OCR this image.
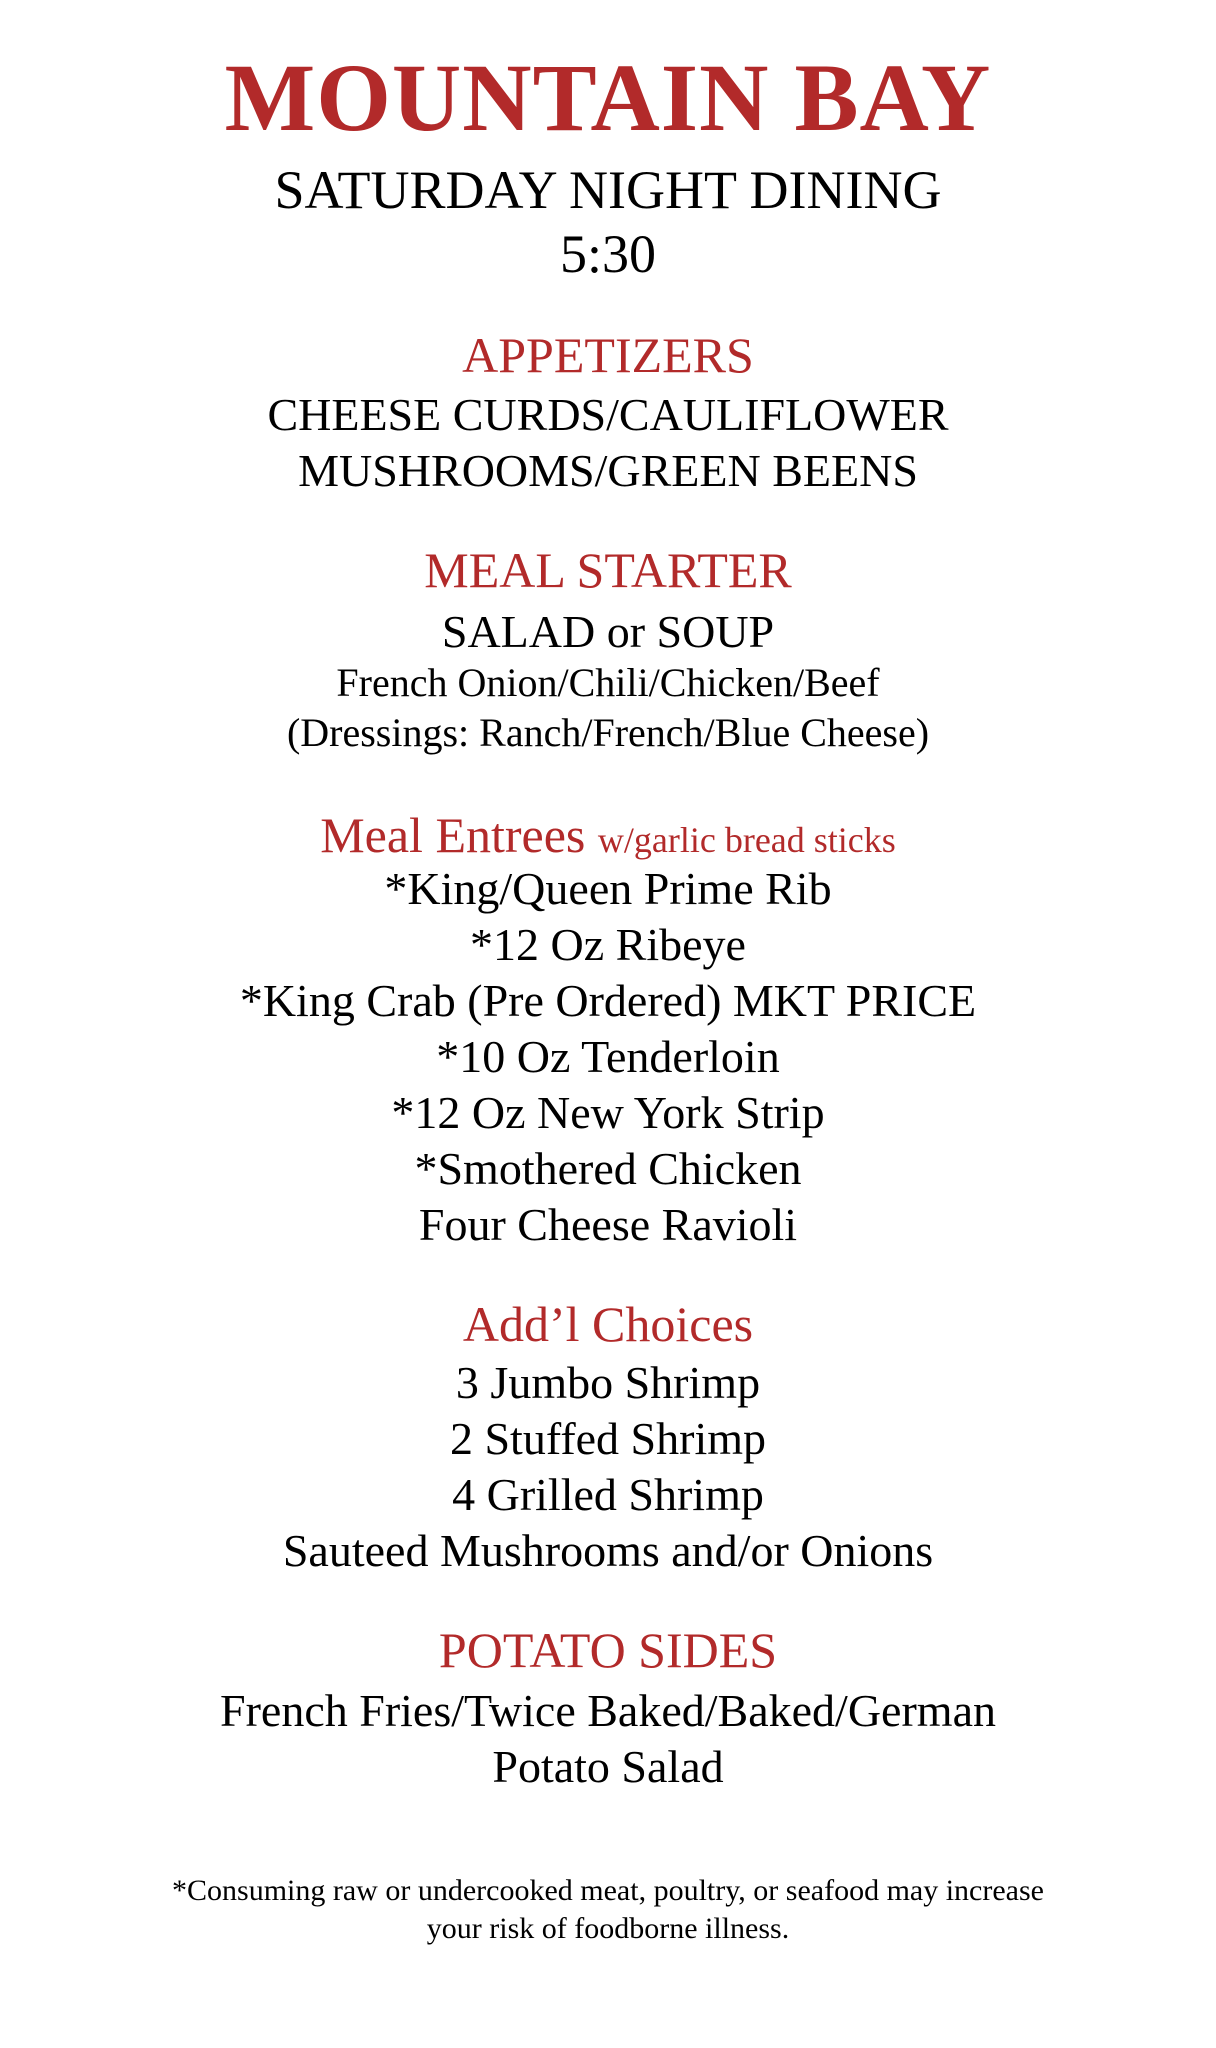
MOUNTAIN BAY
SATURDAY NIGHT DINING
5:30
APPETIZERS
CHEESE CURDS/CAULIFLOWER
MUSHROOMS/GREEN BEENS
MEAL STARTER
SALAD or SOUP
French Onion/Chili/Chicken/Beef
(Dressings: Ranch/French/Blue Cheese)
Meal Entrees w/garlic bread sticks
*King/Queen Prime Rib
*12 Oz Ribeye
*King Crab (Pre Ordered) MKT PRICE
*10 Oz Tenderloin
*12 Oz New York Strip
*Smothered Chicken
Four Cheese Ravioli
Add’l Choices
3 Jumbo Shrimp
2 Stuffed Shrimp
4 Grilled Shrimp
Sauteed Mushrooms and/or Onions
POTATO SIDES
French Fries/Twice Baked/Baked/German
Potato Salad
*Consuming raw or undercooked meat, poultry, or seafood may increase
your risk of foodborne illness.
